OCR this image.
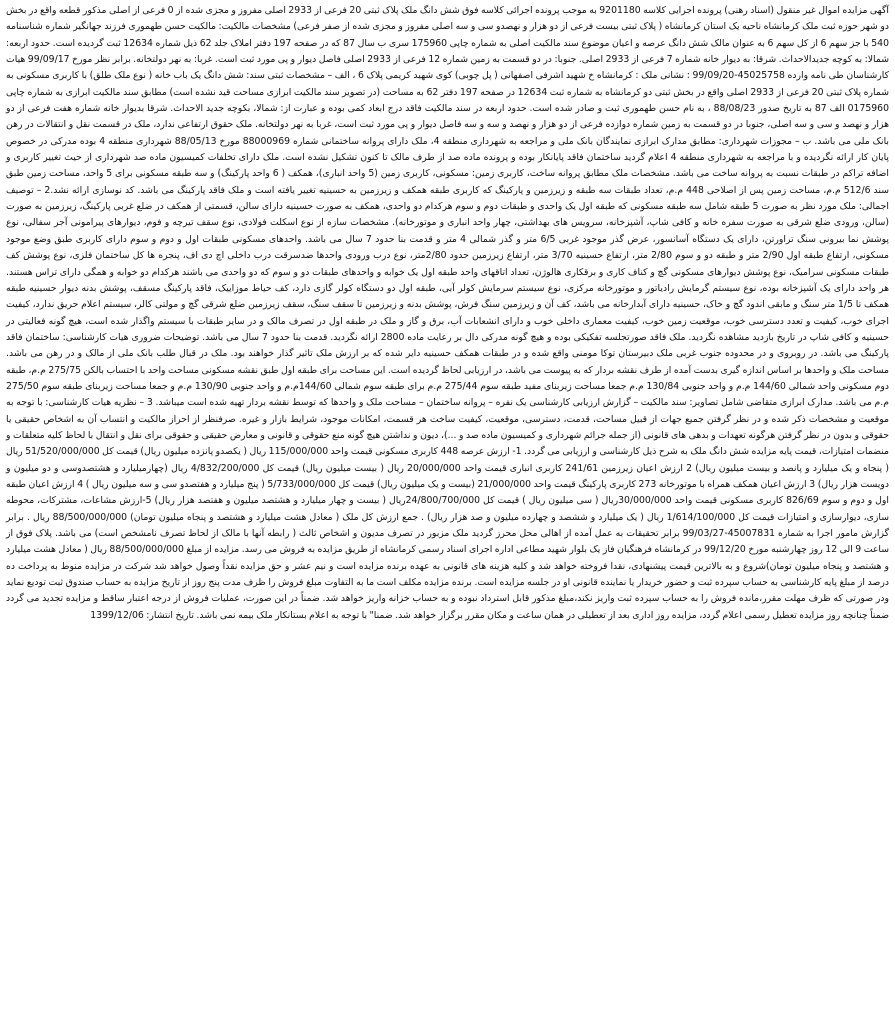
آگهی مزایده اموال غیر منقول (اسناد رهنی) پرونده اجرایی کلاسه 9201180 به موجب پرونده اجرائی کلاسه فوق شش دانگ ملک پلاک ثبتی 20 فرعی از 2933 اصلی مفروز و مجزی شده از 0 فرعی از اصلی مذکور قطعه واقع در بخش دو شهر حوزه ثبت ملک کرمانشاه ناحیه یک استان کرمانشاه ( پلاک ثبتی بیست فرعی از دو هزار و نهصدو سی و سه اصلی مفروز و مجزی شده از صفر فرعی) مشخصات مالکیت: مالکیت حسن طهموری فرزند جهانگیر شماره شناسنامه 540 با جز سهم 6 از کل سهم 6 به عنوان مالک شش دانگ عرصه و اعیان موضوع سند مالکیت اصلی به شماره چاپی 175960 سری ب سال 87 که در صفحه 197 دفتر املاک جلد 62 ذیل شماره 12634 ثبت گردیده است. حدود اربعه: شمالا: به کوچه جدیدالاحداث. شرقا: به دیوار خانه شماره 7 فرعی از 2933 اصلی. جنوبا: در دو قسمت به زمین شماره 12 فرعی از 2933 اصلی فاصل دیوار و پی مورد ثبت است. غربا: به نهر دولتخانه. برابر نظر مورخ 99/09/17 هیات کارشناسان طی نامه وارده 45025758-99/09/20 : نشانی ملک : کرمانشاه خ شهید اشرفی اصفهانی ( پل چوبی) کوی شهید کریمی پلاک 6 ، الف – مشخصات ثبتی سند: شش دانگ یک باب خانه ( نوع ملک طلق) با کاربری مسکونی به شماره پلاک ثبتی 20 فرعی از 2933 اصلی واقع در بخش ثبتی دو کرمانشاه به شماره ثبت 12634 در صفحه 197 دفتر 62 به مساحت (در تصویر سند مالکیت ابرازی مساحت قید نشده است) مطابق سند مالکیت ابرازی به شماره چاپی 0175960 الف 87 به تاریخ صدور 88/08/23 ، به نام حسن طهموری ثبت و صادر شده است. حدود اربعه در سند مالکیت فاقد درج ابعاد کمی بوده و عبارت از: شمالا، بکوچه جدید الاحداث. شرقا بدیوار خانه شماره هفت فرعی از دو هزار و نهصد و سی و سه اصلی، جنوبا در دو قسمت به زمین شماره دوازده فرعی از دو هزار و نهصد و سه و سه فاصل دیوار و پی مورد ثبت است، غربا به نهر دولتخانه. ملک حقوق ارتفاعی ندارد، ملک در قسمت نقل و انتقالات در رهن بانک ملی می باشد. ب – مجوزات شهرداری: مطابق مدارک ابرازی نمایندگان بانک ملی و مراجعه به شهرداری منطقه 4، ملک دارای پروانه ساختمانی شماره 88000969 مورخ 88/05/13 شهرداری منطقه 4 بوده مدرکی در خصوص پایان کار ارائه نگردیده و با مراجعه به شهرداری منطقه 4 اعلام گردید ساختمان فاقد پایانکار بوده و پرونده ماده صد از طرف مالک تا کنون تشکیل نشده است. ملک دارای تخلفات کمیسیون ماده صد شهرداری از حیث تغییر کاربری و اضافه تراکم در طبقات نسبت به پروانه ساخت می باشد. مشخصات ملک مطابق پروانه ساخت، کاربری زمین: مسکونی، کاربری زمین (5 واحد انباری)، همکف ( 6 واحد پارکینگ) و سه طبقه مسکونی برای 5 واحد، مساحت زمین طبق سند 512/6 م.م، مساحت زمین پس از اصلاحی 448 م.م، تعداد طبقات سه طبقه و زیرزمین و پارکینگ که کاربری طبقه همکف و زیرزمین به حسینیه تغییر یافته است و ملک فاقد پارکینگ می باشد. کد نوسازی ارائه نشد.2 – توصیف اجمالی: ملک مورد نظر به صورت 5 طبقه شامل سه طبقه مسکونی که طبقه اول یک واحدی و طبقات دوم و سوم هرکدام دو واحدی، همکف به صورت حسینیه دارای سالن، قسمتی از همکف در ضلع غربی پارکینگ، زیرزمین به صورت (سالن، ورودی ضلع شرقی به صورت سفره خانه و کافی شاپ، آشپزخانه، سرویس های بهداشتی، چهار واحد انباری و موتورخانه). مشخصات سازه از نوع اسکلت فولادی، نوع سقف تیرچه و فوم، دیوارهای پیرامونی آجر سفالی، نوع پوشش نما بیرونی سنگ تراورتن، دارای یک دستگاه آسانسور، عرض گذر موجود غربی 6/5 متر و گذر شمالی 4 متر و قدمت بنا حدود 7 سال می باشد. واحدهای مسکونی طبقات اول و دوم و سوم دارای کاربری طبق وضع موجود مسکونی، ارتفاع طبقه اول 2/90 متر و طبقه دو و سوم 2/80 متر، ارتفاع حسینیه 3/70 متر، ارتفاع زیرزمین حدود 2/80متر، نوع درب ورودی واحدها ضدسرقت درب داخلی اچ دی اف، پنجره ها کل ساختمان فلزی، نوع پوشش کف طبقات مسکونی سرامیک، نوع پوشش دیوارهای مسکونی گچ و کناف کاری و برقکاری هالوژن، تعداد اتاقهای واحد طبقه اول یک خوابه و واحدهای طبقات دو و سوم که دو واحدی می باشند هرکدام دو خوابه و همگی دارای تراس هستند. هر واحد دارای یک آشپزخانه بوده، نوع سیستم گرمایش رادیاتور و موتورخانه مرکزی، نوع سیستم سرمایش کولر آبی، طبقه اول دو دستگاه کولر گازی دارد، کف حیاط موزاییک، فاقد پارکینگ مسقف، پوشش بدنه دیوار حسینیه طبقه همکف تا 1/5 متر سنگ و مابقی اندود گچ و خاک، حسینیه دارای آبدارخانه می باشد، کف آن و زیرزمین سنگ فرش، پوشش بدنه و زیرزمین تا سقف سنگ، سقف زیرزمین ضلع شرقی گچ و مولتی کالر، سیستم اعلام حریق ندارد، کیفیت اجرای خوب، کیفیت و تعدد دسترسی خوب، موقعیت زمین خوب، کیفیت معماری داخلی خوب و دارای انشعابات آب، برق و گاز و ملک در طبقه اول در تصرف مالک و در سایر طبقات با سیستم واگذار شده است، هیچ گونه فعالیتی در حسینیه و کافی شاپ در تاریخ بازدید مشاهده نگردید. ملک فاقد صورتجلسه تفکیکی بوده و هیچ گونه مدرکی دال بر رعایت ماده 2800 ارائه نگردید. قدمت بنا حدود 7 سال می باشد. توضیحات ضروری هیات کارشناسی: ساختمان فاقد پارکینگ می باشد. در روبروی و در محدوده جنوب غربی ملک دبیرستان توکا مومنی واقع شده و در طبقات همکف حسینیه دایر شده که بر ارزش ملک تاثیر گذار خواهند بود. ملک در قبال طلب بانک ملی از مالک و در رهن می باشد. مساحت ملک و واحدها بر اساس اندازه گیری بدست آمده از طرف نقشه بردار که به پیوست می باشد، در ارزیابی لحاظ گردیده است. این مساحت برای طبقه اول طبق نقشه مسکونی مساحت واحد با احتساب بالکن 275/75 م.م، طبقه دوم مسکونی واحد شمالی 144/60 م.م و واحد جنوبی 130/84 م.م جمعا مساحت زیربنای مفید طبقه سوم 275/44 م.م برای طبقه سوم شمالی 144/60م.م و واحد جنوبی 130/90 م.م و جمعا مساحت زیربنای طبقه سوم 275/50 م.م می باشد. مدارک ابرازی متقاضی شامل تصاویر: سند مالکیت – گزارش ارزیابی کارشناسی یک نفره – پروانه ساختمان – مساحت ملک و واحدها که توسط نقشه بردار تهیه شده است میباشد. 3 – نظریه هیات کارشناسی: با توجه به موقعیت و مشخصات ذکر شده و در نظر گرفتن جمیع جهات از قبیل مساحت، قدمت، دسترسی، موقعیت، کیفیت ساخت هر قسمت، امکانات موجود، شرایط بازار و غیره. صرفنظر از احراز مالکیت و انتساب آن به اشخاص حقیقی یا حقوقی و بدون در نظر گرفتن هرگونه تعهدات و بدهی های قانونی (از جمله جرائم شهرداری و کمیسیون ماده صد و ...)، دیون و نداشتن هیچ گونه منع حقوقی و قانونی و معارض حقیقی و حقوقی برای نقل و انتقال با لحاظ کلیه متعلقات و منضمات امتیازات، قیمت پایه مزایده شش دانگ ملک به شرح ذیل کارشناسی و ارزیابی می گردد. 1- ارزش عرصه 448 کاربری مسکونی قیمت واحد 115/000/000 ریال ( یکصدو پانزده میلیون ریال) قیمت کل 51/520/000/000 ریال ( پنجاه و یک میلیارد و پانصد و بیست میلیون ریال) 2 ارزش اعیان زیرزمین 241/61 کاربری انباری قیمت واحد 20/000/000 ریال ( بیست میلیون ریال) قیمت کل 4/832/200/000 ریال (چهارمیلیارد و هشتصدوسی و دو میلیون و دویست هزار ریال) 3 ارزش اعیان همکف همراه با موتورخانه 273 کاربری پارکینگ قیمت واحد 21/000/000 (بیست و یک میلیون ریال) قیمت کل 5/733/000/000 ( پنج میلیارد و هفتصدو سی و سه میلیون ریال ) 4 ارزش اعیان طبقه اول و دوم و سوم 826/69 کاربری مسکونی قیمت واحد 30/000/000ریال ( سی میلیون ریال ) قیمت کل 24/800/700/000ریال ( بیست و چهار میلیارد و هشتصد میلیون و هفتصد هزار ریال) 5-ارزش مشاعات، مشترکات، محوطه سازی، دیوارسازی و امتیازات قیمت کل 1/614/100/000 ریال ( یک میلیارد و ششصد و چهارده میلیون و صد هزار ریال) . جمع ارزش کل ملک ( معادل هشت میلیارد و هشتصد و پنجاه میلیون تومان) 88/500/000/000 ریال . برابر گزارش مامور اجرا به شماره 45007831-99/03/27 برابر تحقیقات به عمل آمده از اهالی محل محرز گردید ملک مزبور در تصرف مدیون و اشخاص ثالث ( رابطه آنها با مالک از لحاظ تصرف نامشخص است) می باشد. پلاک فوق از ساعت 9 الی 12 روز چهارشنبه مورخ 99/12/20 در کرمانشاه فرهنگیان فاز یک بلوار شهید مطاعی اداره اجرای اسناد رسمی کرمانشاه از طریق مزایده به فروش می رسد. مزایده از مبلغ 88/500/000/000 ریال ( معادل هشت میلیارد و هشتصد و پنجاه میلیون تومان)شروع و به بالاترین قیمت پیشنهادی، نقدا فروخته خواهد شد و کلیه هزینه های قانونی به عهده برنده مزایده است و نیم عشر و حق مزایده نقداً وصول خواهد شد شرکت در مزایده منوط به پرداخت ده درصد از مبلغ پایه کارشناسی به حساب سپرده ثبت و حضور خریدار یا نماینده قانونی او در جلسه مزایده است. برنده مزایده مکلف است ما به التفاوت مبلغ فروش را ظرف مدت پنج روز از تاریخ مزایده به حساب صندوق ثبت تودیع نماید ودر صورتی که ظرف مهلت مقرر،مانده فروش را به حساب سپرده ثبت واریز نکند،مبلغ مذکور قابل استرداد نبوده و به حساب خزانه واریز خواهد شد. ضمناً در این صورت، عملیات فروش از درجه اعتبار ساقط و مزایده تجدید می گردد ضمناً چنانچه روز مزایده تعطیل رسمی اعلام گردد، مزایده روز اداری بعد از تعطیلی در همان ساعت و مکان مقرر برگزار خواهد شد. ضمنا" با توجه به اعلام بستانکار ملک بیمه نمی باشد. تاریخ انتشار: 1399/12/06
